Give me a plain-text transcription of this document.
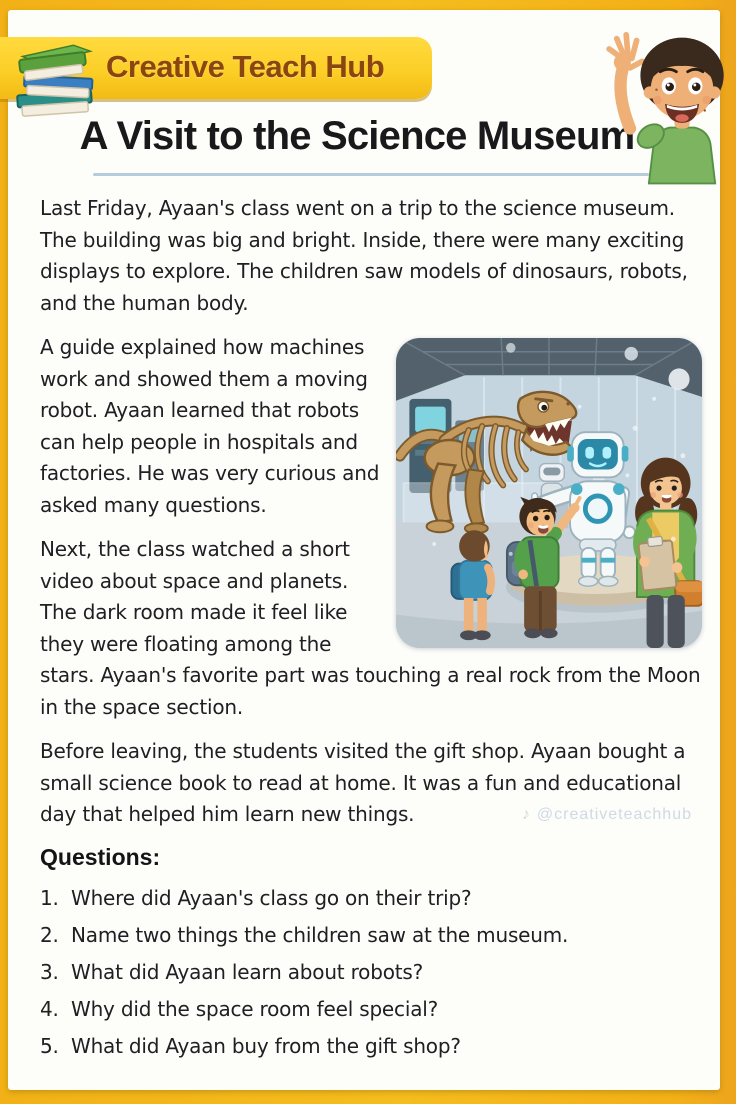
Creative Teach Hub
A Visit to the Science Museum

Last Friday, Ayaan's class went on a trip to the science museum. The building was big and bright. Inside, there were many exciting displays to explore. The children saw models of dinosaurs, robots, and the human body.

A guide explained how machines work and showed them a moving robot. Ayaan learned that robots can help people in hospitals and factories. He was very curious and asked many questions.

Next, the class watched a short video about space and planets. The dark room made it feel like they were floating among the stars. Ayaan's favorite part was touching a real rock from the Moon in the space section.

Before leaving, the students visited the gift shop. Ayaan bought a small science book to read at home. It was a fun and educational day that helped him learn new things.

Questions:
1. Where did Ayaan's class go on their trip?
2. Name two things the children saw at the museum.
3. What did Ayaan learn about robots?
4. Why did the space room feel special?
5. What did Ayaan buy from the gift shop?
♪ @creativeteachhub
